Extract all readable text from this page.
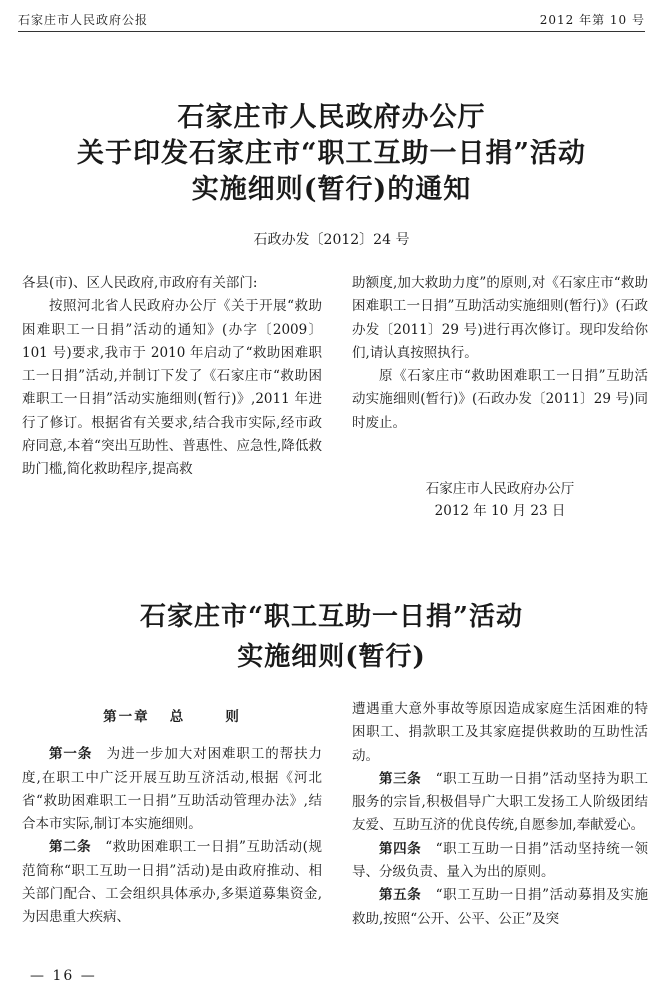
石家庄市人民政府公报	2012 年第 10 号
石家庄市人民政府办公厅
关于印发石家庄市“职工互助一日捐”活动
实施细则(暂行)的通知
石政办发〔2012〕24 号

各县(市)、区人民政府,市政府有关部门:

按照河北省人民政府办公厅《关于开展“救助困难职工一日捐”活动的通知》(办字〔2009〕101 号)要求,我市于 2010 年启动了“救助困难职工一日捐”活动,并制订下发了《石家庄市“救助困难职工一日捐”活动实施细则(暂行)》,2011 年进行了修订。根据省有关要求,结合我市实际,经市政府同意,本着“突出互助性、普惠性、应急性,降低救助门槛,简化救助程序,提高救

助额度,加大救助力度”的原则,对《石家庄市“救助困难职工一日捐”互助活动实施细则(暂行)》(石政办发〔2011〕29 号)进行再次修订。现印发给你们,请认真按照执行。

原《石家庄市“救助困难职工一日捐”互助活动实施细则(暂行)》(石政办发〔2011〕29 号)同时废止。

石家庄市人民政府办公厅
2012 年 10 月 23 日
石家庄市“职工互助一日捐”活动
实施细则(暂行)
第一章   总      则

第一条　 为进一步加大对困难职工的帮扶力度,在职工中广泛开展互助互济活动,根据《河北省“救助困难职工一日捐”互助活动管理办法》,结合本市实际,制订本实施细则。

第二条　 “救助困难职工一日捐”互助活动(规范简称“职工互助一日捐”活动)是由政府推动、相关部门配合、工会组织具体承办,多渠道募集资金,为因患重大疾病、

遭遇重大意外事故等原因造成家庭生活困难的特困职工、捐款职工及其家庭提供救助的互助性活动。

第三条　 “职工互助一日捐”活动坚持为职工服务的宗旨,积极倡导广大职工发扬工人阶级团结友爱、互助互济的优良传统,自愿参加,奉献爱心。

第四条　 “职工互助一日捐”活动坚持统一领导、分级负责、量入为出的原则。

第五条　 “职工互助一日捐”活动募捐及实施救助,按照“公开、公平、公正”及突

— 16 —
